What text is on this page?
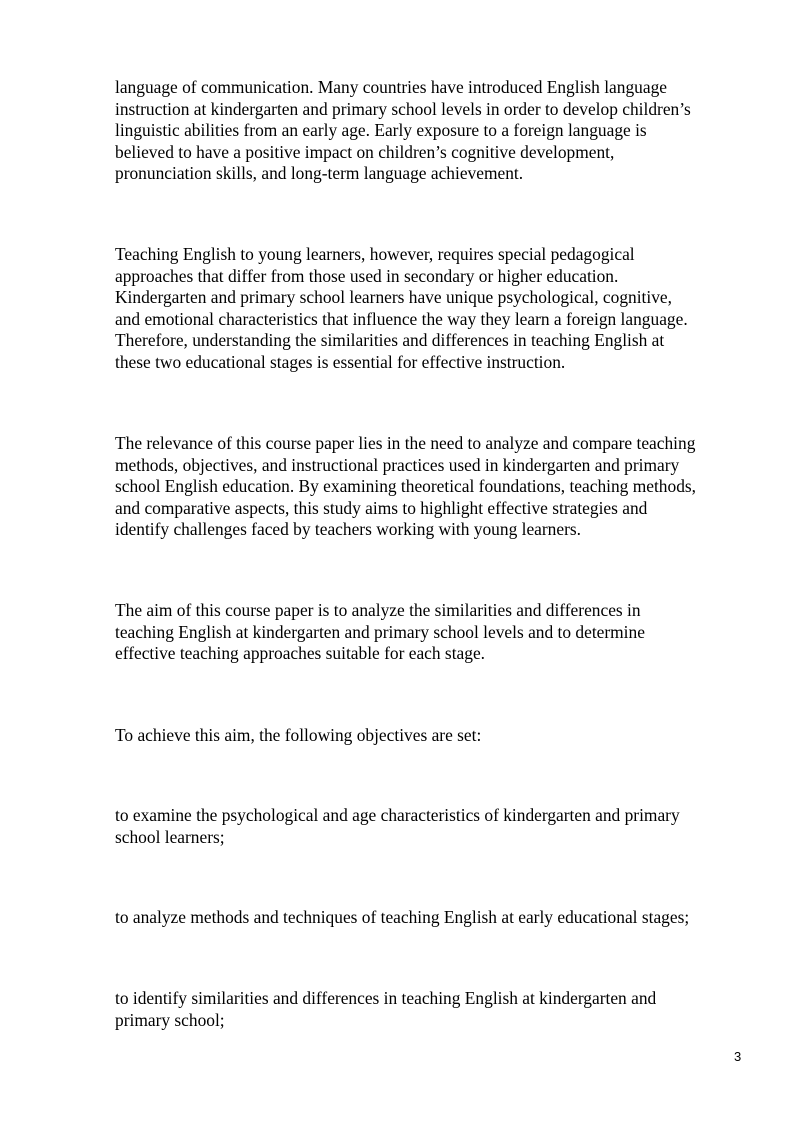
language of communication. Many countries have introduced English language
instruction at kindergarten and primary school levels in order to develop children’s
linguistic abilities from an early age. Early exposure to a foreign language is
believed to have a positive impact on children’s cognitive development,
pronunciation skills, and long-term language achievement.

Teaching English to young learners, however, requires special pedagogical
approaches that differ from those used in secondary or higher education.
Kindergarten and primary school learners have unique psychological, cognitive,
and emotional characteristics that influence the way they learn a foreign language.
Therefore, understanding the similarities and differences in teaching English at
these two educational stages is essential for effective instruction.

The relevance of this course paper lies in the need to analyze and compare teaching
methods, objectives, and instructional practices used in kindergarten and primary
school English education. By examining theoretical foundations, teaching methods,
and comparative aspects, this study aims to highlight effective strategies and
identify challenges faced by teachers working with young learners.

The aim of this course paper is to analyze the similarities and differences in
teaching English at kindergarten and primary school levels and to determine
effective teaching approaches suitable for each stage.

To achieve this aim, the following objectives are set:

to examine the psychological and age characteristics of kindergarten and primary
school learners;

to analyze methods and techniques of teaching English at early educational stages;

to identify similarities and differences in teaching English at kindergarten and
primary school;

3
